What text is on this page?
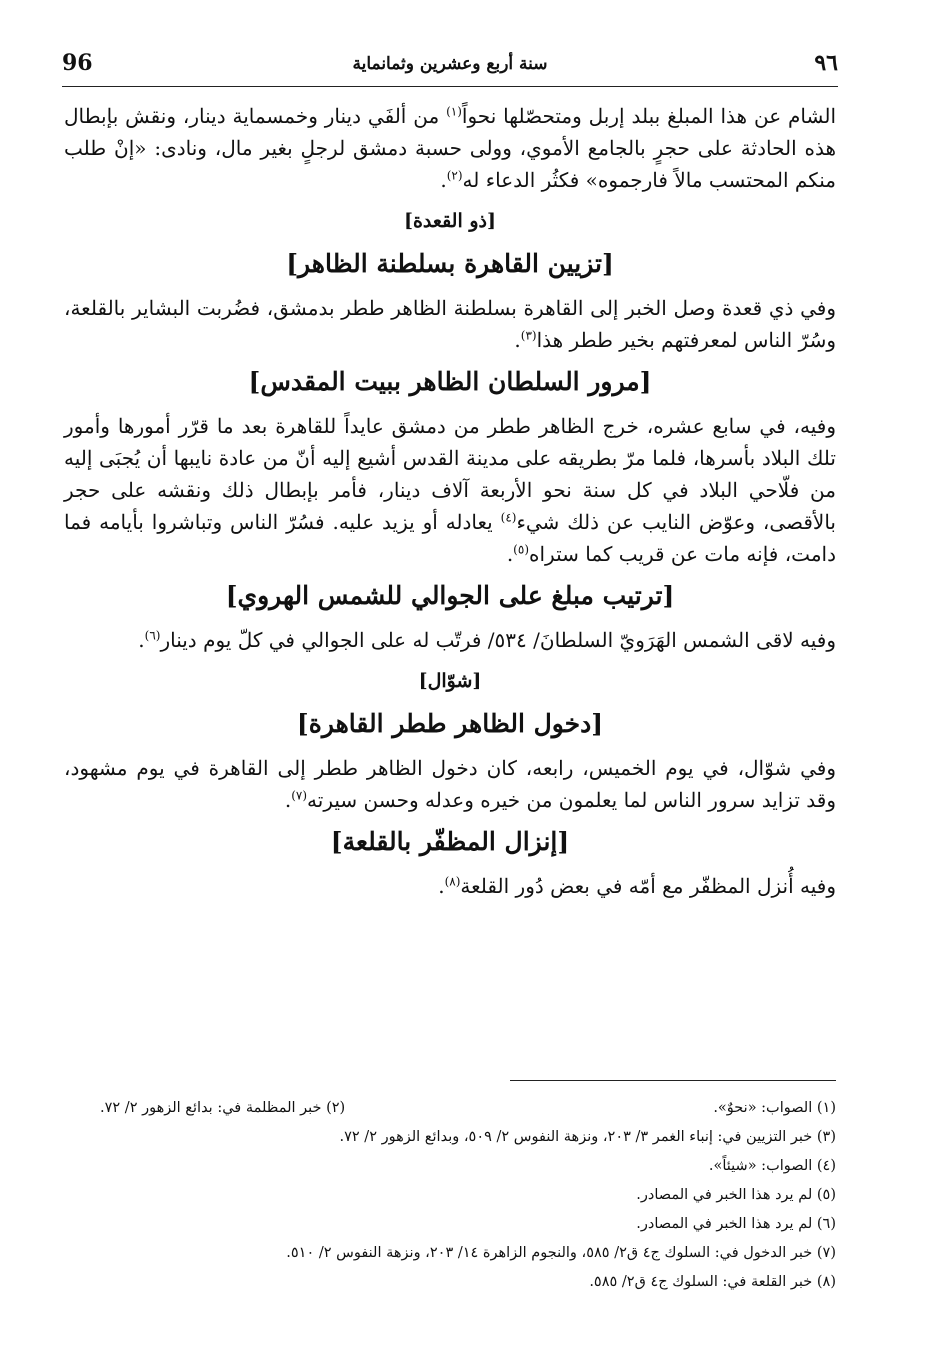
96	سنة أربع وعشرين وثمانماية	٩٦

الشام عن هذا المبلغ ببلد إربل ومتحصّلها نحواً$^{(١)}$ من ألفَي دينار وخمسماية دينار، ونقش بإبطال هذه الحادثة على حجرٍ بالجامع الأموي، وولى حسبة دمشق لرجلٍ بغير مال، ونادى: «إنْ طلب منكم المحتسب مالاً فارجموه» فكثُر الدعاء له$^{(٢)}$.

[ذو القعدة]
[تزيين القاهرة بسلطنة الظاهر]

وفي ذي قعدة وصل الخبر إلى القاهرة بسلطنة الظاهر ططر بدمشق، فضُربت البشاير بالقلعة، وسُرّ الناس لمعرفتهم بخير ططر هذا$^{(٣)}$.

[مرور السلطان الظاهر ببيت المقدس]

وفيه، في سابع عشره، خرج الظاهر ططر من دمشق عايداً للقاهرة بعد ما قرّر أمورها وأمور تلك البلاد بأسرها، فلما مرّ بطريقه على مدينة القدس أشيع إليه أنّ من عادة نايبها أن يُجبَى إليه من فلّاحي البلاد في كل سنة نحو الأربعة آلاف دينار، فأمر بإبطال ذلك ونقشه على حجر بالأقصى، وعوّض النايب عن ذلك شيء$^{(٤)}$ يعادله أو يزيد عليه. فسُرّ الناس وتباشروا بأيامه فما دامت، فإنه مات عن قريب كما ستراه$^{(٥)}$.

[ترتيب مبلغ على الجوالي للشمس الهروي]

وفيه لاقى الشمس الهَرَويّ السلطانَ/ ٥٣٤/ فرتّب له على الجوالي في كلّ يوم دينار$^{(٦)}$.

[شوّال]
[دخول الظاهر ططر القاهرة]

وفي شوّال، في يوم الخميس، رابعه، كان دخول الظاهر ططر إلى القاهرة في يوم مشهود، وقد تزايد سرور الناس لما يعلمون من خيره وعدله وحسن سيرته$^{(٧)}$.

[إنزال المظفّر بالقلعة]

وفيه أُنزل المظفّر مع أمّه في بعض دُور القلعة$^{(٨)}$.

(١) الصواب: «نحوٌ».
(٢) خبر المظلمة في: بدائع الزهور ٢/ ٧٢.
(٣) خبر التزيين في: إنباء الغمر ٣/ ٢٠٣، ونزهة النفوس ٢/ ٥٠٩، وبدائع الزهور ٢/ ٧٢.
(٤) الصواب: «شيئاً».
(٥) لم يرد هذا الخبر في المصادر.
(٦) لم يرد هذا الخبر في المصادر.
(٧) خبر الدخول في: السلوك ج٤ ق٢/ ٥٨٥، والنجوم الزاهرة ١٤/ ٢٠٣، ونزهة النفوس ٢/ ٥١٠.
(٨) خبر القلعة في: السلوك ج٤ ق٢/ ٥٨٥.
